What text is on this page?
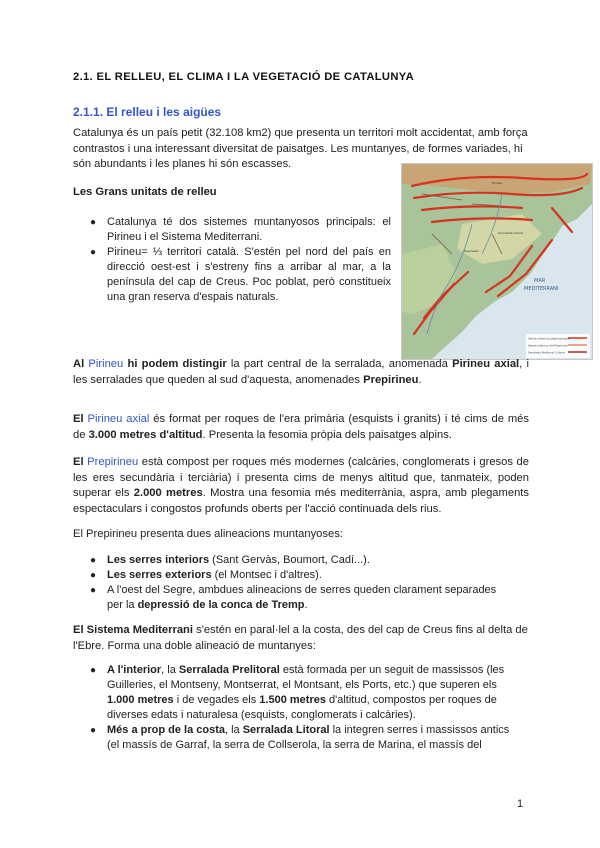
2.1. EL RELLEU, EL CLIMA I LA VEGETACIÓ DE CATALUNYA
2.1.1. El relleu i les aigües

Catalunya és un país petit (32.108 km2) que presenta un territori molt accidentat, amb força contrastos i una interessant diversitat de paisatges. Les muntanyes, de formes variades, hi són abundants i les planes hi són escasses.

Les Grans unitats de relleu

● Catalunya té dos sistemes muntanyosos principals: el Pirineu i el Sistema Mediterrani.
● Pirineu= ⅓ territori català. S'estén pel nord del país en direcció oest-est i s'estreny fins a arribar al mar, a la península del cap de Creus. Poc poblat, però constitueix una gran reserva d'espais naturals.
MAR
MEDITERRANI
Serralada Litoral
Depressió
Pirineu
Serres exteriors prepirinenques
Serres interiors del Prepirineu
Serralada Prelitoral / Litoral

Al Pirineu hi podem distingir la part central de la serralada, anomenada Pirineu axial, i les serralades que queden al sud d'aquesta, anomenades Prepirineu.

El Pirineu axial és format per roques de l'era primària (esquists i granits) i té cims de més de 3.000 metres d'altitud. Presenta la fesomia pròpia dels paisatges alpins.

El Prepirineu està compost per roques més modernes (calcàries, conglomerats i gresos de les eres secundària i terciària) i presenta cims de menys altitud que, tanmateix, poden superar els 2.000 metres. Mostra una fesomia més mediterrània, aspra, amb plegaments espectaculars i congostos profunds oberts per l'acció continuada dels rius.

El Prepirineu presenta dues alineacions muntanyoses:

● Les serres interiors (Sant Gervàs, Boumort, Cadí...).
● Les serres exteriors (el Montsec i d'altres).
● A l'oest del Segre, ambdues alineacions de serres queden clarament separades per la depressió de la conca de Tremp.

El Sistema Mediterrani s'estén en paral·lel a la costa, des del cap de Creus fins al delta de l'Ebre. Forma una doble alineació de muntanyes:

● A l'interior, la Serralada Prelitoral està formada per un seguit de massissos (les Guilleries, el Montseny, Montserrat, el Montsant, els Ports, etc.) que superen els 1.000 metres i de vegades els 1.500 metres d'altitud, compostos per roques de diverses edats i naturalesa (esquists, conglomerats i calcàries).
● Més a prop de la costa, la Serralada Litoral la integren serres i massissos antics (el massís de Garraf, la serra de Collserola, la serra de Marina, el massís del
1
